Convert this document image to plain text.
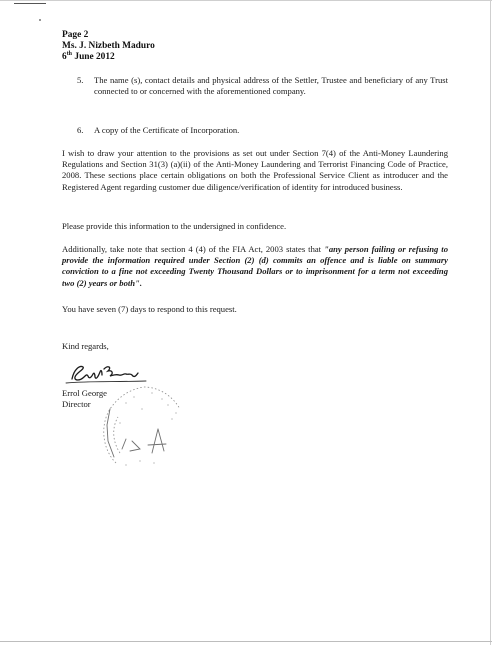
Page 2

Ms. J. Nizbeth Maduro

6th June 2012

5. The name (s), contact details and physical address of the Settler, Trustee and beneficiary of any Trust connected to or concerned with the aforementioned company.
6. A copy of the Certificate of Incorporation.

I wish to draw your attention to the provisions as set out under Section 7(4) of the Anti-Money Laundering Regulations and Section 31(3) (a)(ii) of the Anti-Money Laundering and Terrorist Financing Code of Practice, 2008. These sections place certain obligations on both the Professional Service Client as introducer and the Registered Agent regarding customer due diligence/verification of identity for introduced business.

Please provide this information to the undersigned in confidence.

Additionally, take note that section 4 (4) of the FIA Act, 2003 states that "any person failing or refusing to provide the information required under Section (2) (d) commits an offence and is liable on summary conviction to a fine not exceeding Twenty Thousand Dollars or to imprisonment for a term not exceeding two (2) years or both".

You have seven (7) days to respond to this request.

Kind regards,

Errol George
Director
